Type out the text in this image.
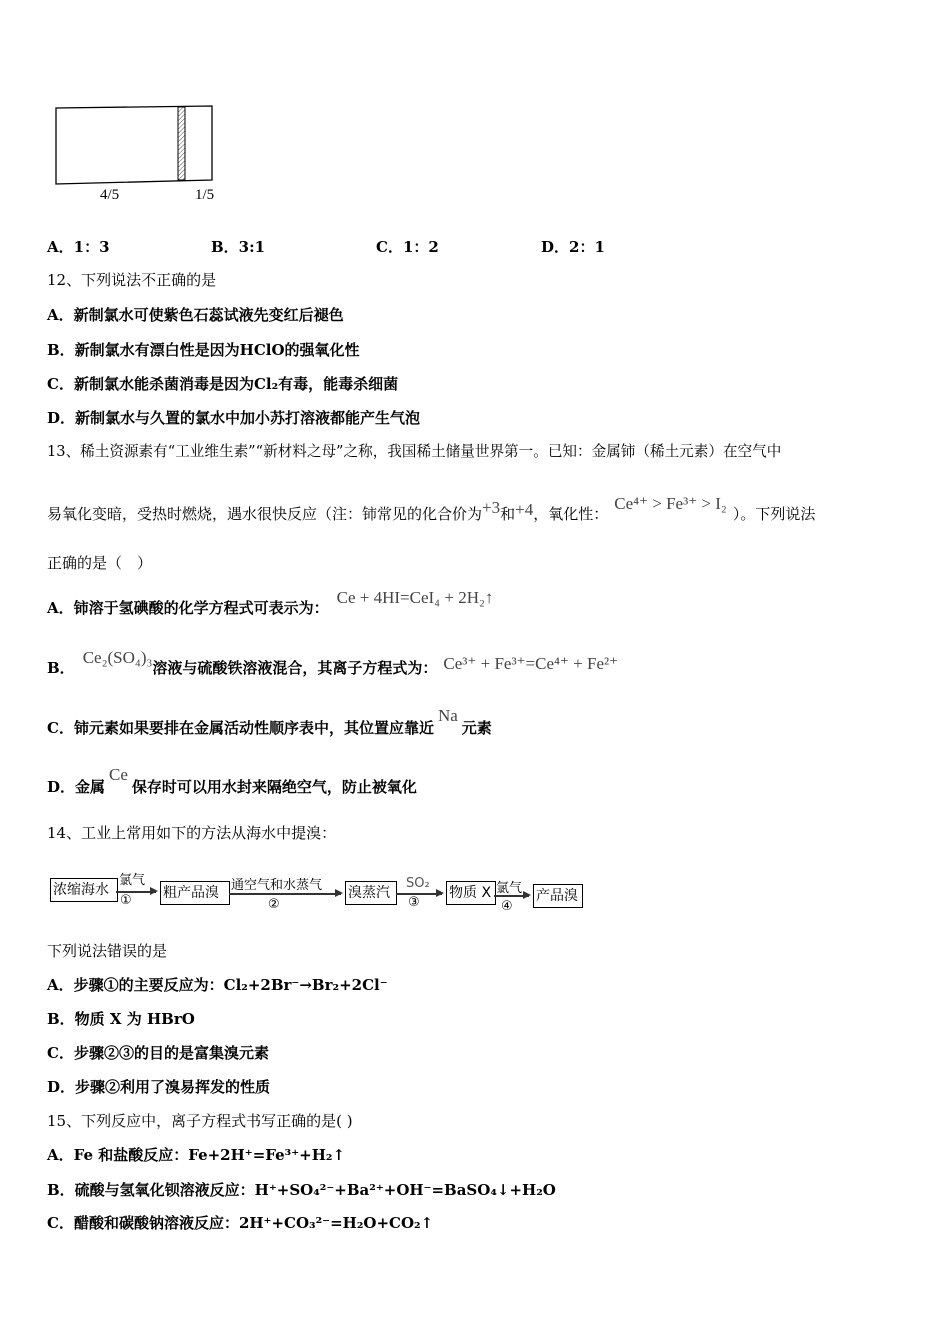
4/5	1/5
A．1：3	B．3:1	C．1：2	D．2：1
12、下列说法不正确的是
A．新制氯水可使紫色石蕊试液先变红后褪色
B．新制氯水有漂白性是因为HClO的强氧化性
C．新制氯水能杀菌消毒是因为Cl₂有毒，能毒杀细菌
D．新制氯水与久置的氯水中加小苏打溶液都能产生气泡
13、稀土资源素有“工业维生素”“新材料之母”之称，我国稀土储量世界第一。已知：金属铈（稀土元素）在空气中
易氧化变暗，受热时燃烧，遇水很快反应（注：铈常见的化合价为+3和+4，氧化性：Ce⁴⁺ > Fe³⁺ > I₂）。下列说法
正确的是（　）
A．铈溶于氢碘酸的化学方程式可表示为：Ce + 4HI=CeI₄ + 2H₂↑
B．Ce₂(SO₄)₃溶液与硫酸铁溶液混合，其离子方程式为： Ce³⁺ + Fe³⁺=Ce⁴⁺ + Fe²⁺
C．铈元素如果要排在金属活动性顺序表中，其位置应靠近Na元素
D．金属Ce保存时可以用水封来隔绝空气，防止被氧化
14、工业上常用如下的方法从海水中提溴：
浓缩海水	粗产品溴	溴蒸汽	物质 X	产品溴
氯气	通空气和水蒸气	SO₂	氯气
①	②	③	④
下列说法错误的是
A．步骤①的主要反应为：Cl₂+2Br⁻→Br₂+2Cl⁻
B．物质 X 为 HBrO
C．步骤②③的目的是富集溴元素
D．步骤②利用了溴易挥发的性质
15、下列反应中，离子方程式书写正确的是( )
A．Fe 和盐酸反应：Fe+2H⁺=Fe³⁺+H₂↑
B．硫酸与氢氧化钡溶液反应：H⁺+SO₄²⁻+Ba²⁺+OH⁻=BaSO₄↓+H₂O
C．醋酸和碳酸钠溶液反应：2H⁺+CO₃²⁻=H₂O+CO₂↑
